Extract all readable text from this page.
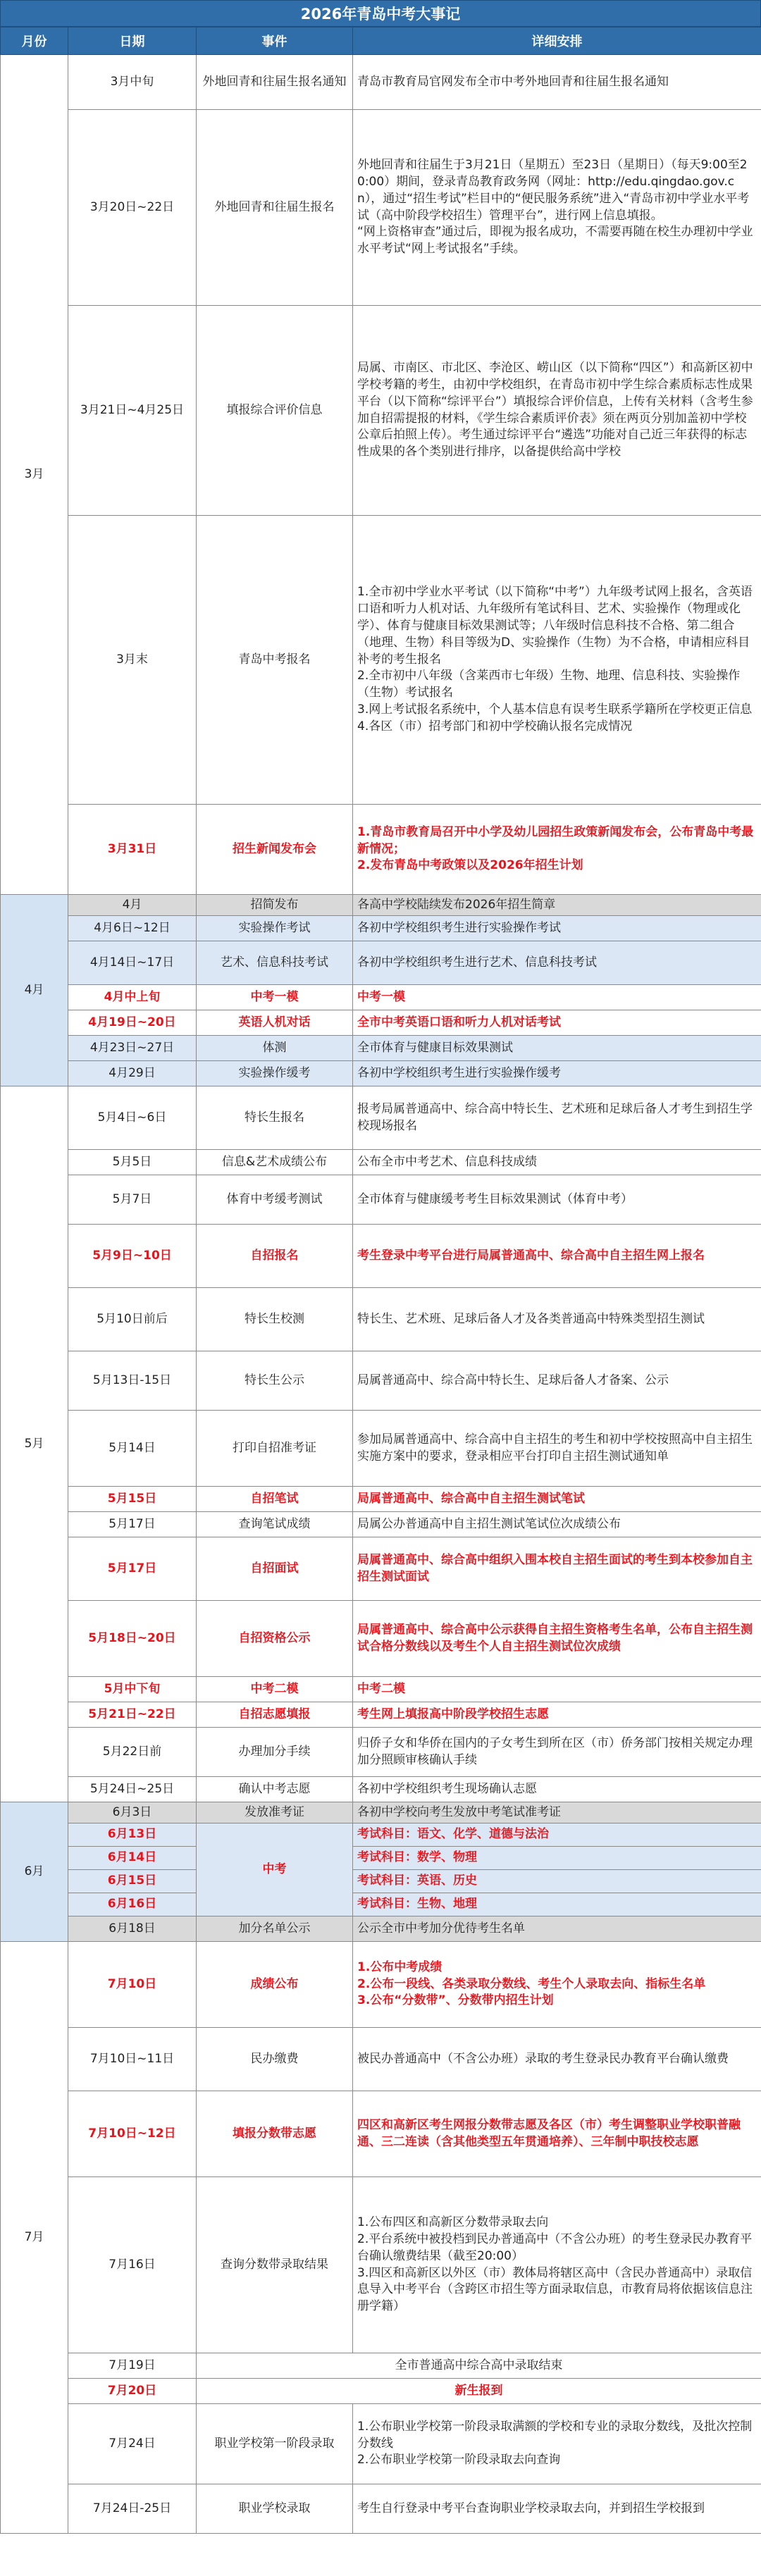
2026年青岛中考大事记
月份	日期	事件	详细安排
3月	3月中旬	外地回青和往届生报名通知	青岛市教育局官网发布全市中考外地回青和往届生报名通知

	3月20日~22日	外地回青和往届生报名	外地回青和往届生于3月21日（星期五）至23日（星期日）（每天9:00至20:00）期间，登录青岛教育政务网（网址：http://edu.qingdao.gov.cn），通过“招生考试”栏目中的“便民服务系统”进入“青岛市初中学业水平考试（高中阶段学校招生）管理平台”，进行网上信息填报。
“网上资格审查”通过后，即视为报名成功，不需要再随在校生办理初中学业水平考试“网上考试报名”手续。

	3月21日~4月25日	填报综合评价信息	局属、市南区、市北区、李沧区、崂山区（以下简称“四区”）和高新区初中学校考籍的考生，由初中学校组织，在青岛市初中学生综合素质标志性成果平台（以下简称“综评平台”）填报综合评价信息，上传有关材料（含考生参加自招需提报的材料，《学生综合素质评价表》须在两页分别加盖初中学校公章后拍照上传）。考生通过综评平台“遴选”功能对自己近三年获得的标志性成果的各个类别进行排序，以备提供给高中学校

	3月末	青岛中考报名	1.全市初中学业水平考试（以下简称“中考”）九年级考试网上报名，含英语口语和听力人机对话、九年级所有笔试科目、艺术、实验操作（物理或化学）、体育与健康目标效果测试等；八年级时信息科技不合格、第二组合（地理、生物）科目等级为D、实验操作（生物）为不合格，申请相应科目补考的考生报名
2.全市初中八年级（含莱西市七年级）生物、地理、信息科技、实验操作（生物）考试报名
3.网上考试报名系统中，个人基本信息有误考生联系学籍所在学校更正信息
4.各区（市）招考部门和初中学校确认报名完成情况

	3月31日	招生新闻发布会	1.青岛市教育局召开中小学及幼儿园招生政策新闻发布会，公布青岛中考最新情况；
2.发布青岛中考政策以及2026年招生计划

4月	4月	招简发布	各高中学校陆续发布2026年招生简章

	4月6日~12日	实验操作考试	各初中学校组织考生进行实验操作考试

	4月14日~17日	艺术、信息科技考试	各初中学校组织考生进行艺术、信息科技考试

	4月中上旬	中考一模	中考一模

	4月19日~20日	英语人机对话	全市中考英语口语和听力人机对话考试

	4月23日~27日	体测	全市体育与健康目标效果测试

	4月29日	实验操作缓考	各初中学校组织考生进行实验操作缓考

5月	5月4日~6日	特长生报名	报考局属普通高中、综合高中特长生、艺术班和足球后备人才考生到招生学校现场报名

	5月5日	信息&艺术成绩公布	公布全市中考艺术、信息科技成绩

	5月7日	体育中考缓考测试	全市体育与健康缓考考生目标效果测试（体育中考）

	5月9日~10日	自招报名	考生登录中考平台进行局属普通高中、综合高中自主招生网上报名

	5月10日前后	特长生校测	特长生、艺术班、足球后备人才及各类普通高中特殊类型招生测试

	5月13日-15日	特长生公示	局属普通高中、综合高中特长生、足球后备人才备案、公示

	5月14日	打印自招准考证	参加局属普通高中、综合高中自主招生的考生和初中学校按照高中自主招生实施方案中的要求，登录相应平台打印自主招生测试通知单

	5月15日	自招笔试	局属普通高中、综合高中自主招生测试笔试

	5月17日	查询笔试成绩	局属公办普通高中自主招生测试笔试位次成绩公布

	5月17日	自招面试	局属普通高中、综合高中组织入围本校自主招生面试的考生到本校参加自主招生测试面试

	5月18日~20日	自招资格公示	局属普通高中、综合高中公示获得自主招生资格考生名单，公布自主招生测试合格分数线以及考生个人自主招生测试位次成绩

	5月中下旬	中考二模	中考二模

	5月21日~22日	自招志愿填报	考生网上填报高中阶段学校招生志愿

	5月22日前	办理加分手续	归侨子女和华侨在国内的子女考生到所在区（市）侨务部门按相关规定办理加分照顾审核确认手续

	5月24日~25日	确认中考志愿	各初中学校组织考生现场确认志愿

6月	6月3日	发放准考证	各初中学校向考生发放中考笔试准考证

	6月13日	中考	考试科目：语文、化学、道德与法治
	6月14日		考试科目：数学、物理
	6月15日		考试科目：英语、历史
	6月16日		考试科目：生物、地理
	6月18日	加分名单公示	公示全市中考加分优待考生名单

7月	7月10日	成绩公布	1.公布中考成绩
2.公布一段线、各类录取分数线、考生个人录取去向、指标生名单
3.公布“分数带”、分数带内招生计划

	7月10日~11日	民办缴费	被民办普通高中（不含公办班）录取的考生登录民办教育平台确认缴费

	7月10日~12日	填报分数带志愿	四区和高新区考生网报分数带志愿及各区（市）考生调整职业学校职普融通、三二连读（含其他类型五年贯通培养）、三年制中职技校志愿

	7月16日	查询分数带录取结果	1.公布四区和高新区分数带录取去向
2.平台系统中被投档到民办普通高中（不含公办班）的考生登录民办教育平台确认缴费结果（截至20:00）
3.四区和高新区以外区（市）教体局将辖区高中（含民办普通高中）录取信息导入中考平台（含跨区市招生等方面录取信息，市教育局将依据该信息注册学籍）

	7月19日	全市普通高中综合高中录取结束	
	7月20日	新生报到	
	7月24日	职业学校第一阶段录取	1.公布职业学校第一阶段录取满额的学校和专业的录取分数线，及批次控制分数线
2.公布职业学校第一阶段录取去向查询

	7月24日-25日	职业学校录取	考生自行登录中考平台查询职业学校录取去向，并到招生学校报到
